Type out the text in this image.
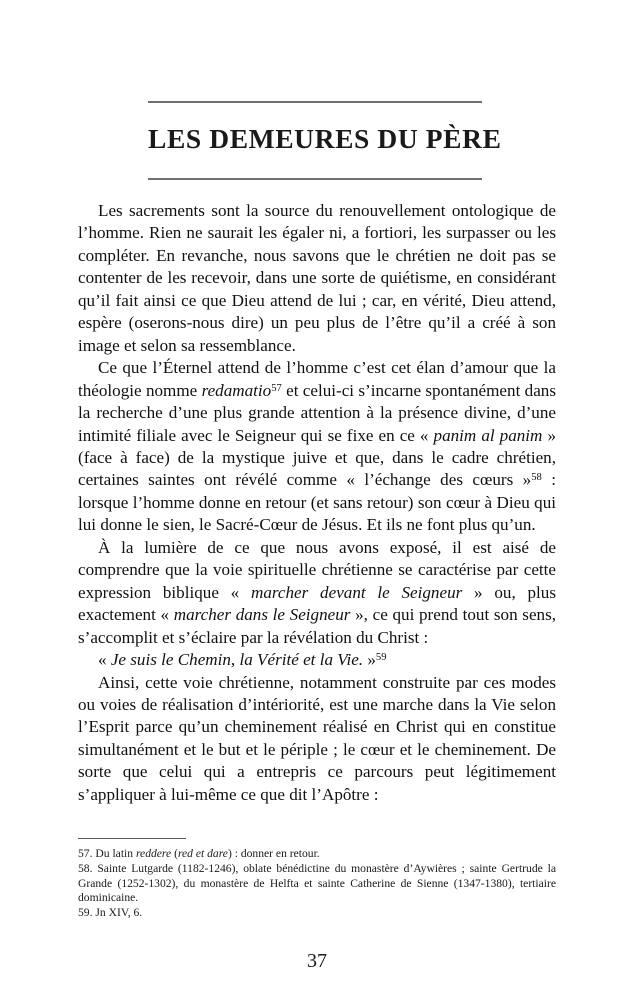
LES DEMEURES DU PÈRE

Les sacrements sont la source du renouvellement ontologique de l’homme. Rien ne saurait les égaler ni, a fortiori, les surpasser ou les compléter. En revanche, nous savons que le chrétien ne doit pas se contenter de les recevoir, dans une sorte de quiétisme, en considérant qu’il fait ainsi ce que Dieu attend de lui ; car, en vérité, Dieu attend, espère (oserons-nous dire) un peu plus de l’être qu’il a créé à son image et selon sa ressemblance.

Ce que l’Éternel attend de l’homme c’est cet élan d’amour que la théologie nomme redamatio$^{57}$ et celui-ci s’incarne spontanément dans la recherche d’une plus grande attention à la présence divine, d’une intimité filiale avec le Seigneur qui se fixe en ce « panim al panim » (face à face) de la mystique juive et que, dans le cadre chrétien, certaines saintes ont révélé comme « l’échange des cœurs »$^{58}$ : lorsque l’homme donne en retour (et sans retour) son cœur à Dieu qui lui donne le sien, le Sacré-Cœur de Jésus. Et ils ne font plus qu’un.

À la lumière de ce que nous avons exposé, il est aisé de comprendre que la voie spirituelle chrétienne se caractérise par cette expression biblique « marcher devant le Seigneur » ou, plus exactement « marcher dans le Seigneur », ce qui prend tout son sens, s’accomplit et s’éclaire par la révélation du Christ :

« Je suis le Chemin, la Vérité et la Vie. »$^{59}$

Ainsi, cette voie chrétienne, notamment construite par ces modes ou voies de réalisation d’intériorité, est une marche dans la Vie selon l’Esprit parce qu’un cheminement réalisé en Christ qui en constitue simultanément et le but et le périple ; le cœur et le cheminement. De sorte que celui qui a entrepris ce parcours peut légitimement s’appliquer à lui-même ce que dit l’Apôtre :

57. Du latin reddere (red et dare) : donner en retour.

58. Sainte Lutgarde (1182-1246), oblate bénédictine du monastère d’Aywières ; sainte Gertrude la Grande (1252-1302), du monastère de Helfta et sainte Catherine de Sienne (1347-1380), tertiaire dominicaine.

59. Jn XIV, 6.

37
